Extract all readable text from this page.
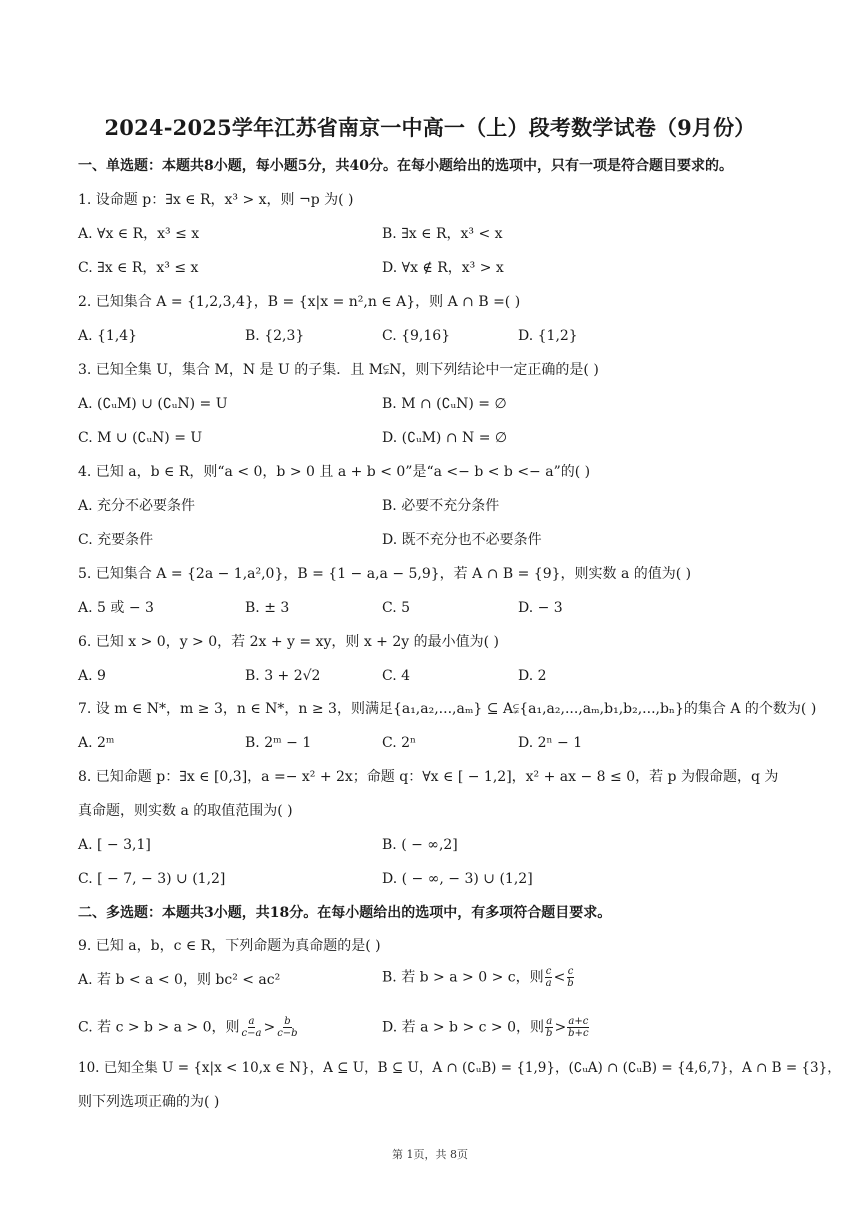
2024-2025学年江苏省南京一中高一（上）段考数学试卷（9月份）
一、单选题：本题共8小题，每小题5分，共40分。在每小题给出的选项中，只有一项是符合题目要求的。
1. 设命题 p：∃x ∈ R，x³ > x，则 ¬p 为( )
A. ∀x ∈ R，x³ ≤ x	B. ∃x ∈ R，x³ < x
C. ∃x ∈ R，x³ ≤ x	D. ∀x ∉ R，x³ > x
2. 已知集合 A = {1,2,3,4}，B = {x|x = n²,n ∈ A}，则 A ∩ B =( )
A. {1,4}	B. {2,3}	C. {9,16}	D. {1,2}
3. 已知全集 U，集合 M，N 是 U 的子集．且 M⫋N，则下列结论中一定正确的是( )
A. (∁ᵤM) ∪ (∁ᵤN) = U	B. M ∩ (∁ᵤN) = ∅
C. M ∪ (∁ᵤN) = U	D. (∁ᵤM) ∩ N = ∅
4. 已知 a，b ∈ R，则“a < 0，b > 0 且 a + b < 0”是“a <− b < b <− a”的( )
A. 充分不必要条件	B. 必要不充分条件
C. 充要条件	D. 既不充分也不必要条件
5. 已知集合 A = {2a − 1,a²,0}，B = {1 − a,a − 5,9}，若 A ∩ B = {9}，则实数 a 的值为( )
A. 5 或 − 3	B. ± 3	C. 5	D. − 3
6. 已知 x > 0，y > 0，若 2x + y = xy，则 x + 2y 的最小值为( )
A. 9	B. 3 + 2√2	C. 4	D. 2
7. 设 m ∈ N*，m ≥ 3，n ∈ N*，n ≥ 3，则满足{a₁,a₂,...,aₘ} ⊆ A⫋{a₁,a₂,...,aₘ,b₁,b₂,...,bₙ}的集合 A 的个数为( )
A. 2ᵐ	B. 2ᵐ − 1	C. 2ⁿ	D. 2ⁿ − 1
8. 已知命题 p：∃x ∈ [0,3]，a =− x² + 2x；命题 q：∀x ∈ [ − 1,2]，x² + ax − 8 ≤ 0，若 p 为假命题，q 为
真命题，则实数 a 的取值范围为( )
A. [ − 3,1]	B. ( − ∞,2]
C. [ − 7, − 3) ∪ (1,2]	D. ( − ∞, − 3) ∪ (1,2]
二、多选题：本题共3小题，共18分。在每小题给出的选项中，有多项符合题目要求。
9. 已知 a，b，c ∈ R，下列命题为真命题的是( )
A. 若 b < a < 0，则 bc² < ac²	B. 若 b > a > 0 > c，则 $\frac{c}{a} < \frac{c}{b}$
C. 若 c > b > a > 0，则 $\frac{a}{c-a} > \frac{b}{c-b}$	D. 若 a > b > c > 0，则 $\frac{a}{b} > \frac{a+c}{b+c}$
10. 已知全集 U = {x|x < 10,x ∈ N}，A ⊆ U，B ⊆ U，A ∩ (∁ᵤB) = {1,9}，(∁ᵤA) ∩ (∁ᵤB) = {4,6,7}，A ∩ B = {3}，
则下列选项正确的为( )
第 1页，共 8页
